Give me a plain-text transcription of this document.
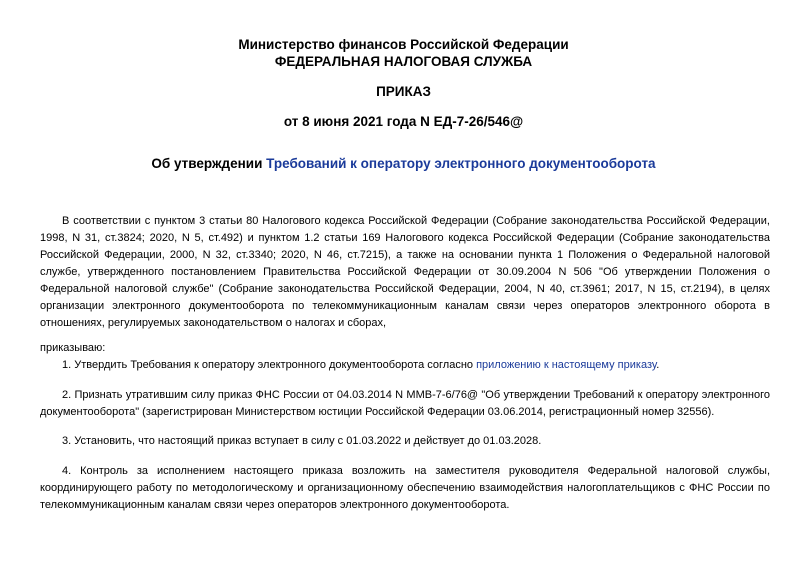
Министерство финансов Российской Федерации
ФЕДЕРАЛЬНАЯ НАЛОГОВАЯ СЛУЖБА
ПРИКАЗ
от 8 июня 2021 года N ЕД-7-26/546@
Об утверждении Требований к оператору электронного документооборота
В соответствии с пунктом 3 статьи 80 Налогового кодекса Российской Федерации (Собрание законодательства Российской Федерации, 1998, N 31, ст.3824; 2020, N 5, ст.492) и пунктом 1.2 статьи 169 Налогового кодекса Российской Федерации (Собрание законодательства Российской Федерации, 2000, N 32, ст.3340; 2020, N 46, ст.7215), а также на основании пункта 1 Положения о Федеральной налоговой службе, утвержденного постановлением Правительства Российской Федерации от 30.09.2004 N 506 "Об утверждении Положения о Федеральной налоговой службе" (Собрание законодательства Российской Федерации, 2004, N 40, ст.3961; 2017, N 15, ст.2194), в целях организации электронного документооборота по телекоммуникационным каналам связи через операторов электронного оборота в отношениях, регулируемых законодательством о налогах и сборах,
приказываю:
1. Утвердить Требования к оператору электронного документооборота согласно приложению к настоящему приказу.
2. Признать утратившим силу приказ ФНС России от 04.03.2014 N ММВ-7-6/76@ "Об утверждении Требований к оператору электронного документооборота" (зарегистрирован Министерством юстиции Российской Федерации 03.06.2014, регистрационный номер 32556).
3. Установить, что настоящий приказ вступает в силу с 01.03.2022 и действует до 01.03.2028.
4. Контроль за исполнением настоящего приказа возложить на заместителя руководителя Федеральной налоговой службы, координирующего работу по методологическому и организационному обеспечению взаимодействия налогоплательщиков с ФНС России по телекоммуникационным каналам связи через операторов электронного документооборота.
